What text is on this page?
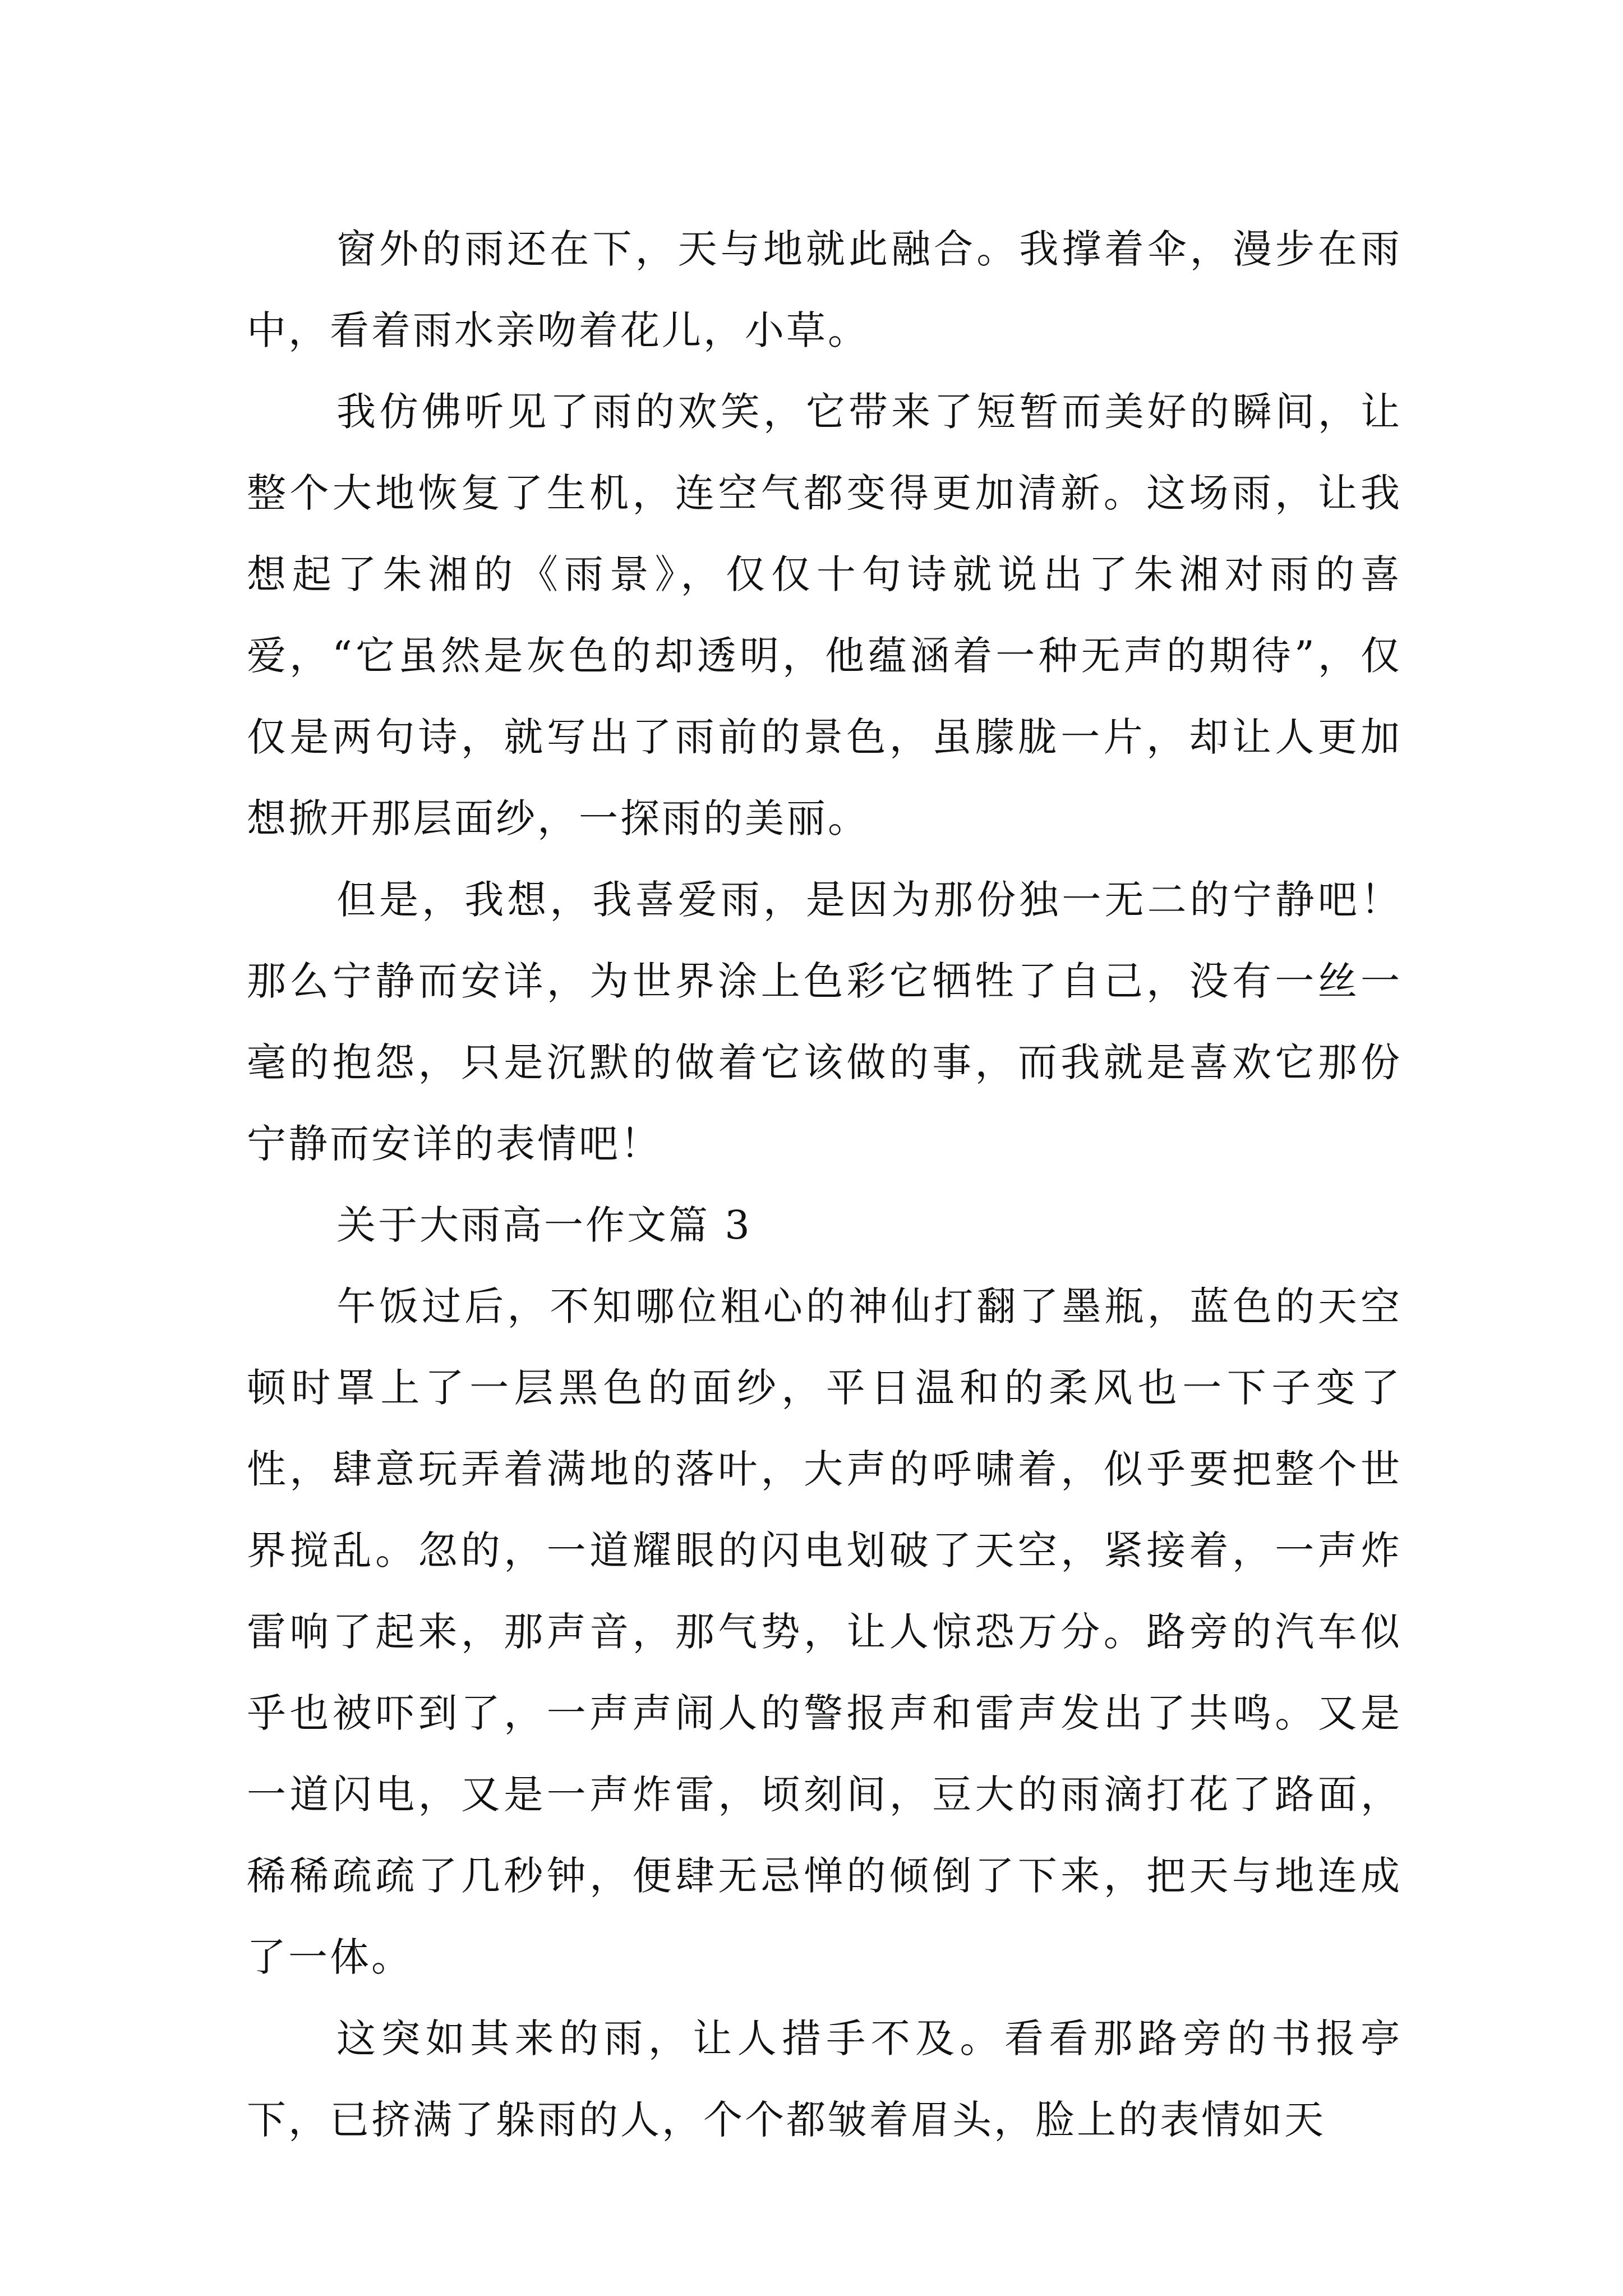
窗外的雨还在下，天与地就此融合。我撑着伞，漫步在雨中，看着雨水亲吻着花儿，小草。

我仿佛听见了雨的欢笑，它带来了短暂而美好的瞬间，让整个大地恢复了生机，连空气都变得更加清新。这场雨，让我想起了朱湘的《雨景》，仅仅十句诗就说出了朱湘对雨的喜爱，“它虽然是灰色的却透明，他蕴涵着一种无声的期待”，仅仅是两句诗，就写出了雨前的景色，虽朦胧一片，却让人更加想掀开那层面纱，一探雨的美丽。

但是，我想，我喜爱雨，是因为那份独一无二的宁静吧！那么宁静而安详，为世界涂上色彩它牺牲了自己，没有一丝一毫的抱怨，只是沉默的做着它该做的事，而我就是喜欢它那份宁静而安详的表情吧！

关于大雨高一作文篇 3

午饭过后，不知哪位粗心的神仙打翻了墨瓶，蓝色的天空顿时罩上了一层黑色的面纱，平日温和的柔风也一下子变了性，肆意玩弄着满地的落叶，大声的呼啸着，似乎要把整个世界搅乱。忽的，一道耀眼的闪电划破了天空，紧接着，一声炸雷响了起来，那声音，那气势，让人惊恐万分。路旁的汽车似乎也被吓到了，一声声闹人的警报声和雷声发出了共鸣。又是一道闪电，又是一声炸雷，顷刻间，豆大的雨滴打花了路面，稀稀疏疏了几秒钟，便肆无忌惮的倾倒了下来，把天与地连成了一体。

这突如其来的雨，让人措手不及。看看那路旁的书报亭下，已挤满了躲雨的人，个个都皱着眉头，脸上的表情如天
